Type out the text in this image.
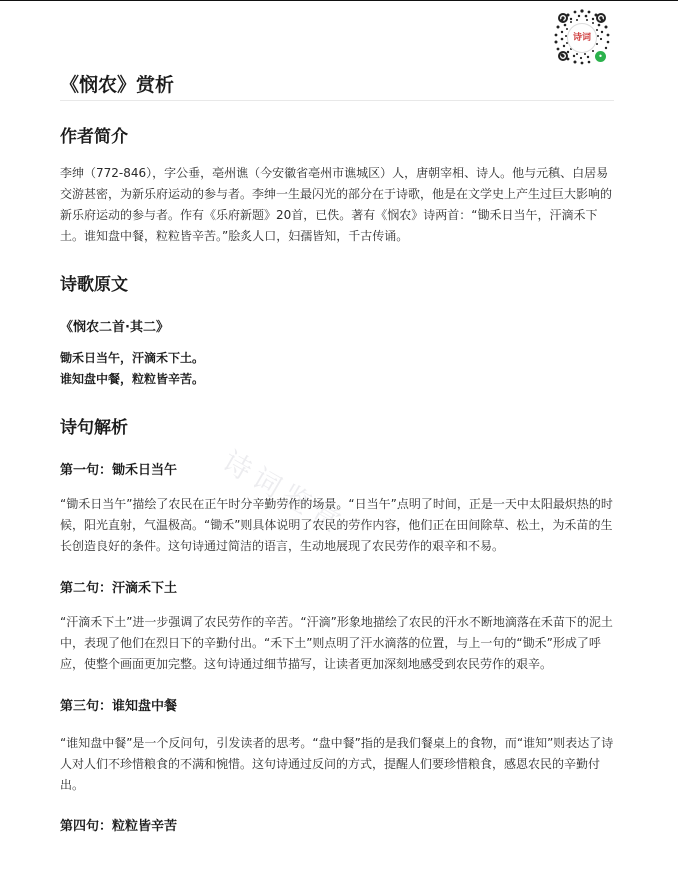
诗词鉴赏
诗词
•
《悯农》赏析
作者简介

李绅（772-846），字公垂，亳州谯（今安徽省亳州市谯城区）人，唐朝宰相、诗人。他与元稹、白居易交游甚密，为新乐府运动的参与者。李绅一生最闪光的部分在于诗歌，他是在文学史上产生过巨大影响的新乐府运动的参与者。作有《乐府新题》20首，已佚。著有《悯农》诗两首：“锄禾日当午，汗滴禾下土。谁知盘中餐，粒粒皆辛苦。”脍炙人口，妇孺皆知，千古传诵。

诗歌原文
《悯农二首·其二》

锄禾日当午，汗滴禾下土。

谁知盘中餐，粒粒皆辛苦。

诗句解析
第一句：锄禾日当午

“锄禾日当午”描绘了农民在正午时分辛勤劳作的场景。“日当午”点明了时间，正是一天中太阳最炽热的时候，阳光直射，气温极高。“锄禾”则具体说明了农民的劳作内容，他们正在田间除草、松土，为禾苗的生长创造良好的条件。这句诗通过简洁的语言，生动地展现了农民劳作的艰辛和不易。

第二句：汗滴禾下土

“汗滴禾下土”进一步强调了农民劳作的辛苦。“汗滴”形象地描绘了农民的汗水不断地滴落在禾苗下的泥土中，表现了他们在烈日下的辛勤付出。“禾下土”则点明了汗水滴落的位置，与上一句的“锄禾”形成了呼应，使整个画面更加完整。这句诗通过细节描写，让读者更加深刻地感受到农民劳作的艰辛。

第三句：谁知盘中餐

“谁知盘中餐”是一个反问句，引发读者的思考。“盘中餐”指的是我们餐桌上的食物，而“谁知”则表达了诗人对人们不珍惜粮食的不满和惋惜。这句诗通过反问的方式，提醒人们要珍惜粮食，感恩农民的辛勤付出。

第四句：粒粒皆辛苦
